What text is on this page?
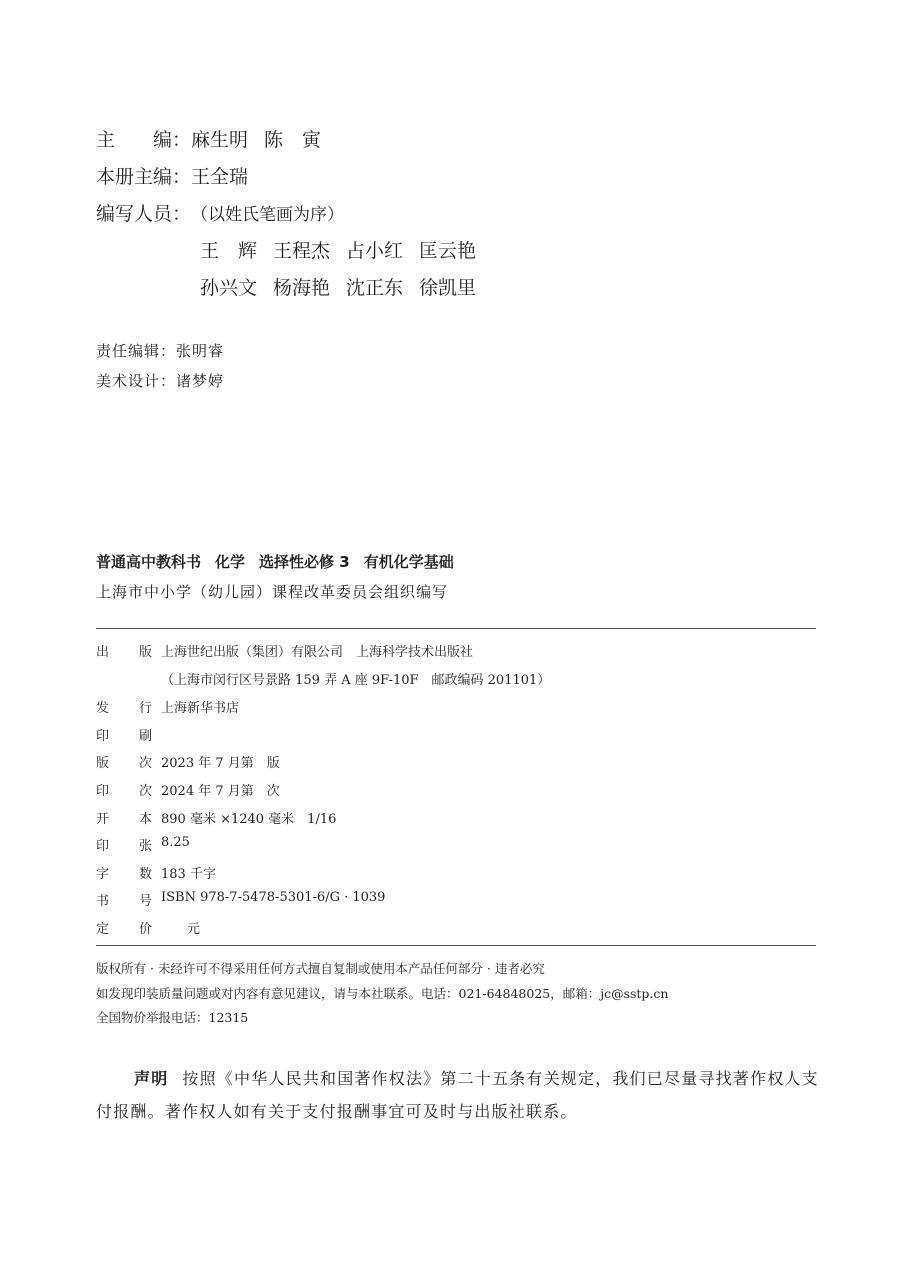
主　　编：麻生明 陈　寅
本册主编：王全瑞
编写人员：（以姓氏笔画为序）
王　辉 王程杰 占小红 匡云艳
孙兴文 杨海艳 沈正东 徐凯里
责任编辑：张明睿
美术设计：诸梦婷
普通高中教科书 化学 选择性必修 3 有机化学基础
上海市中小学（幼儿园）课程改革委员会组织编写
出 版 上海世纪出版（集团）有限公司　上海科学技术出版社
（上海市闵行区号景路 159 弄 A 座 9F-10F　邮政编码 201101）
发 行 上海新华书店
印 刷
版 次 2023 年 7 月第　版
印 次 2024 年 7 月第　次
开 本 890 毫米 ×1240 毫米　1/16
印 张 8.25
字 数 183 千字
书 号 ISBN 978-7-5478-5301-6/G · 1039
定 价 　　元
版权所有 · 未经许可不得采用任何方式擅自复制或使用本产品任何部分 · 违者必究
如发现印装质量问题或对内容有意见建议，请与本社联系。电话：021-64848025，邮箱：jc@sstp.cn
全国物价举报电话：12315
声明 按照《中华人民共和国著作权法》第二十五条有关规定，我们已尽量寻找著作权人支付报酬。著作权人如有关于支付报酬事宜可及时与出版社联系。
